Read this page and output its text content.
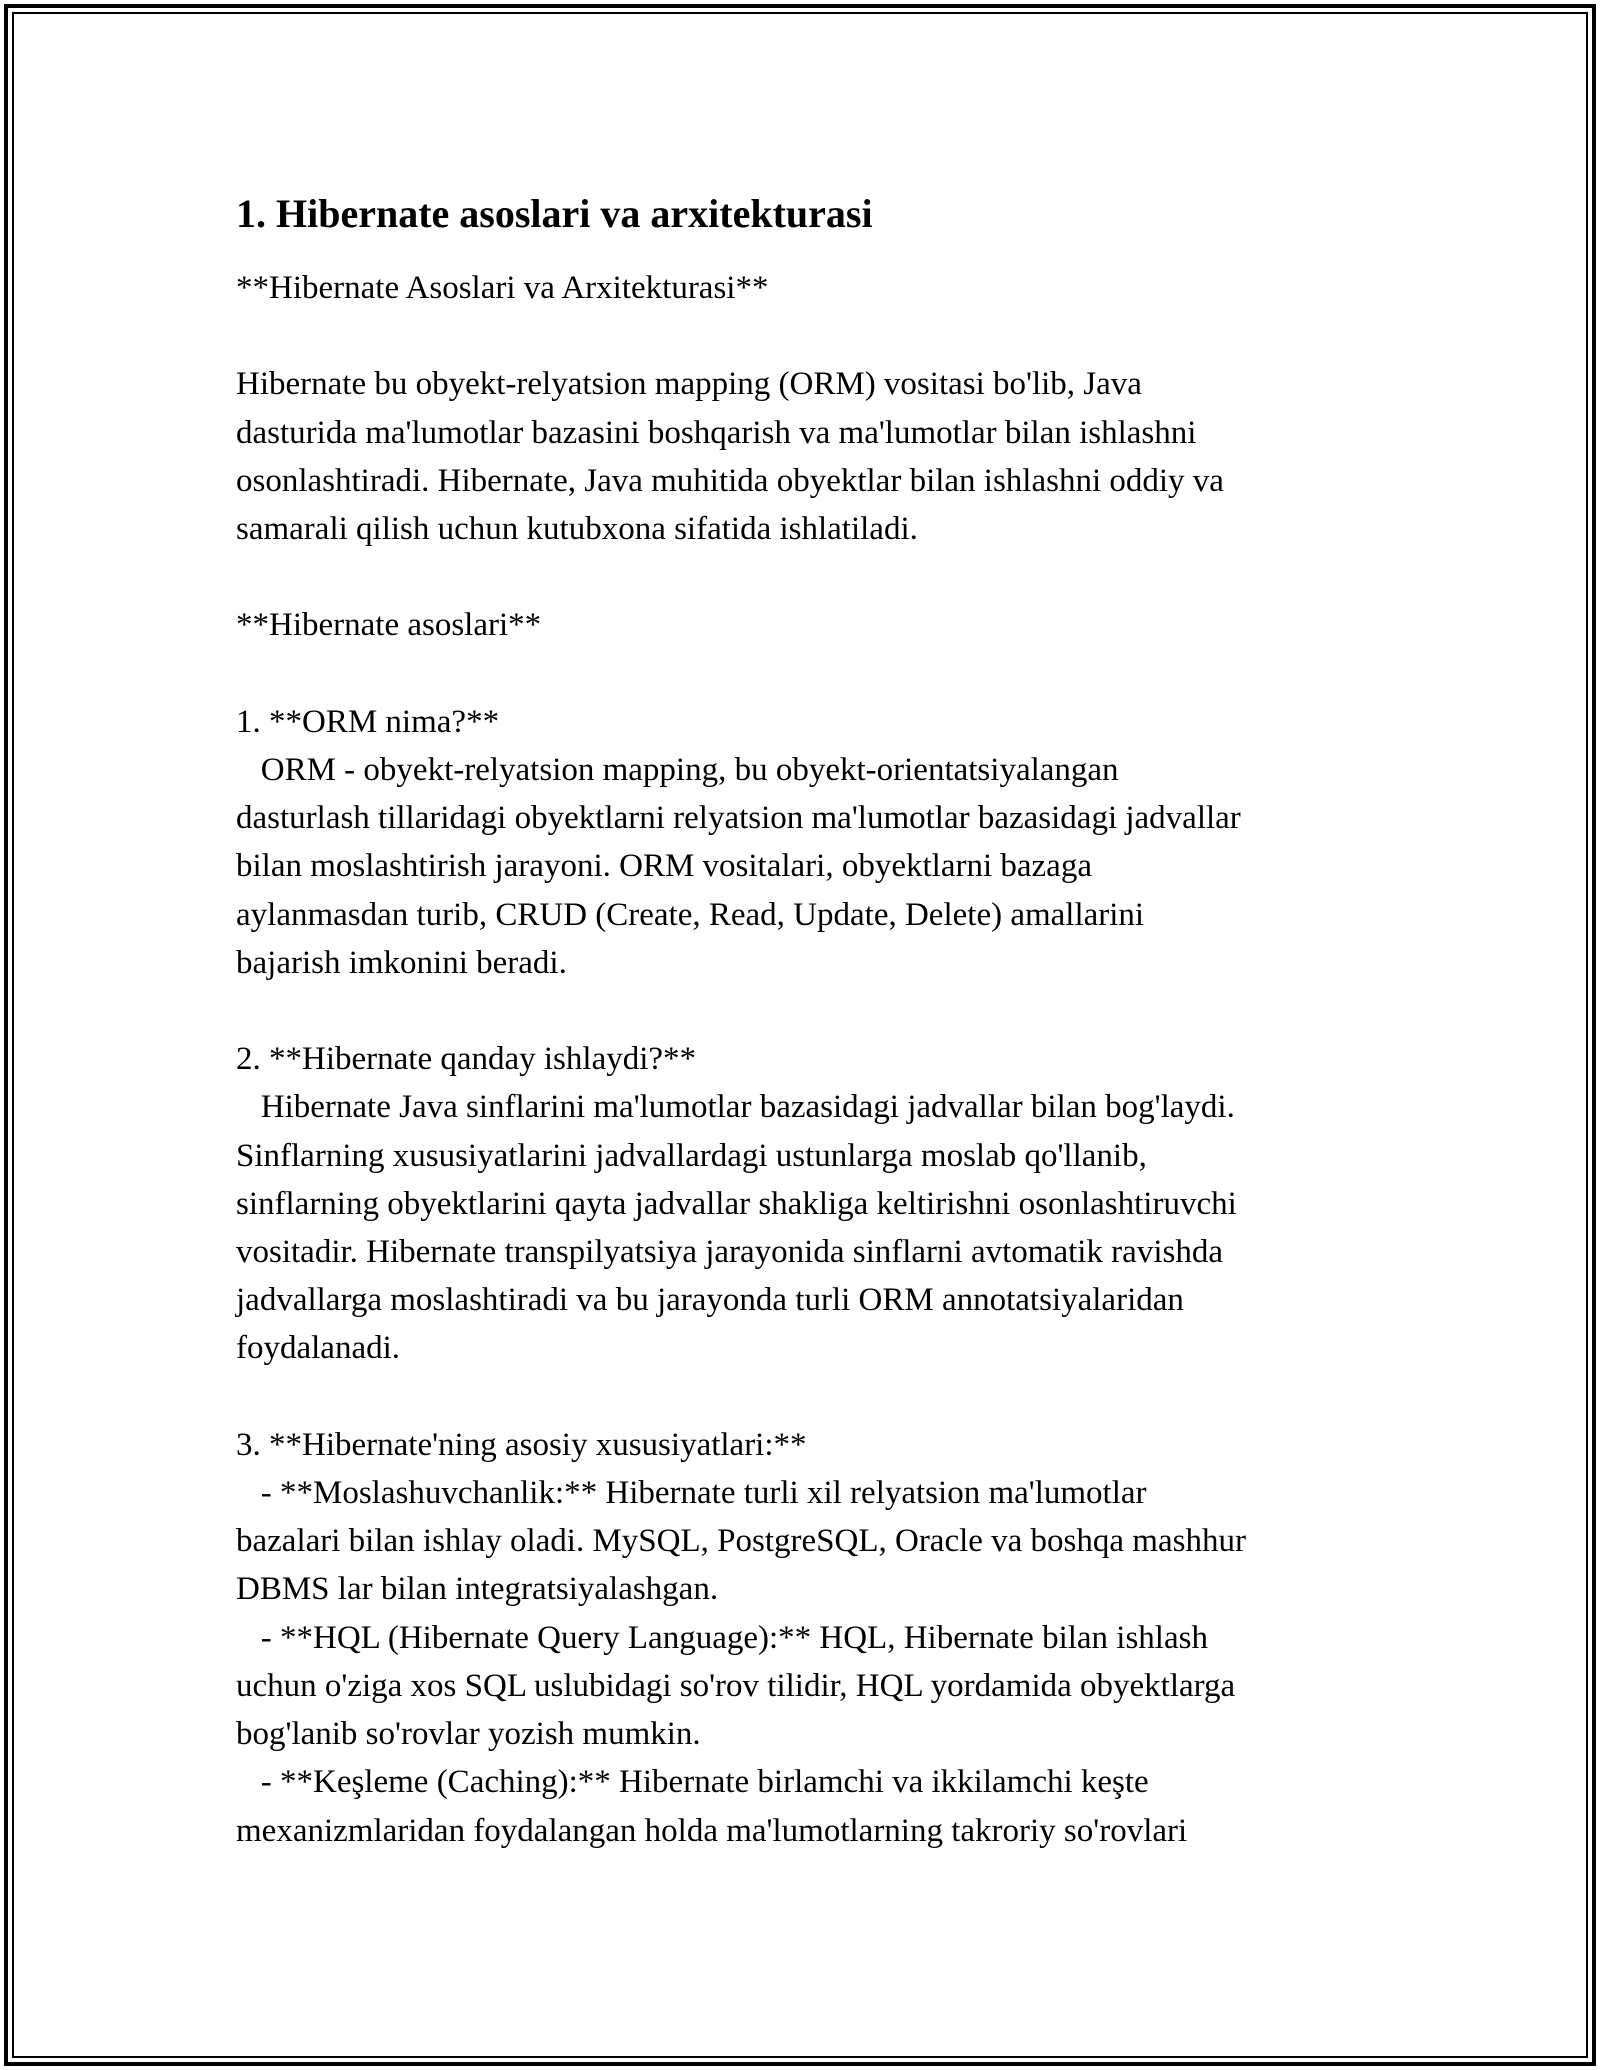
1. Hibernate asoslari va arxitekturasi
**Hibernate Asoslari va Arxitekturasi**

Hibernate bu obyekt-relyatsion mapping (ORM) vositasi bo'lib, Java
dasturida ma'lumotlar bazasini boshqarish va ma'lumotlar bilan ishlashni
osonlashtiradi. Hibernate, Java muhitida obyektlar bilan ishlashni oddiy va
samarali qilish uchun kutubxona sifatida ishlatiladi.

**Hibernate asoslari**

1. **ORM nima?**
ORM - obyekt-relyatsion mapping, bu obyekt-orientatsiyalangan
dasturlash tillaridagi obyektlarni relyatsion ma'lumotlar bazasidagi jadvallar
bilan moslashtirish jarayoni. ORM vositalari, obyektlarni bazaga
aylanmasdan turib, CRUD (Create, Read, Update, Delete) amallarini
bajarish imkonini beradi.

2. **Hibernate qanday ishlaydi?**
Hibernate Java sinflarini ma'lumotlar bazasidagi jadvallar bilan bog'laydi.
Sinflarning xususiyatlarini jadvallardagi ustunlarga moslab qo'llanib,
sinflarning obyektlarini qayta jadvallar shakliga keltirishni osonlashtiruvchi
vositadir. Hibernate transpilyatsiya jarayonida sinflarni avtomatik ravishda
jadvallarga moslashtiradi va bu jarayonda turli ORM annotatsiyalaridan
foydalanadi.

3. **Hibernate'ning asosiy xususiyatlari:**
- **Moslashuvchanlik:** Hibernate turli xil relyatsion ma'lumotlar
bazalari bilan ishlay oladi. MySQL, PostgreSQL, Oracle va boshqa mashhur
DBMS lar bilan integratsiyalashgan.
- **HQL (Hibernate Query Language):** HQL, Hibernate bilan ishlash
uchun o'ziga xos SQL uslubidagi so'rov tilidir, HQL yordamida obyektlarga
bog'lanib so'rovlar yozish mumkin.
- **Keşleme (Caching):** Hibernate birlamchi va ikkilamchi keşte
mexanizmlaridan foydalangan holda ma'lumotlarning takroriy so'rovlari
